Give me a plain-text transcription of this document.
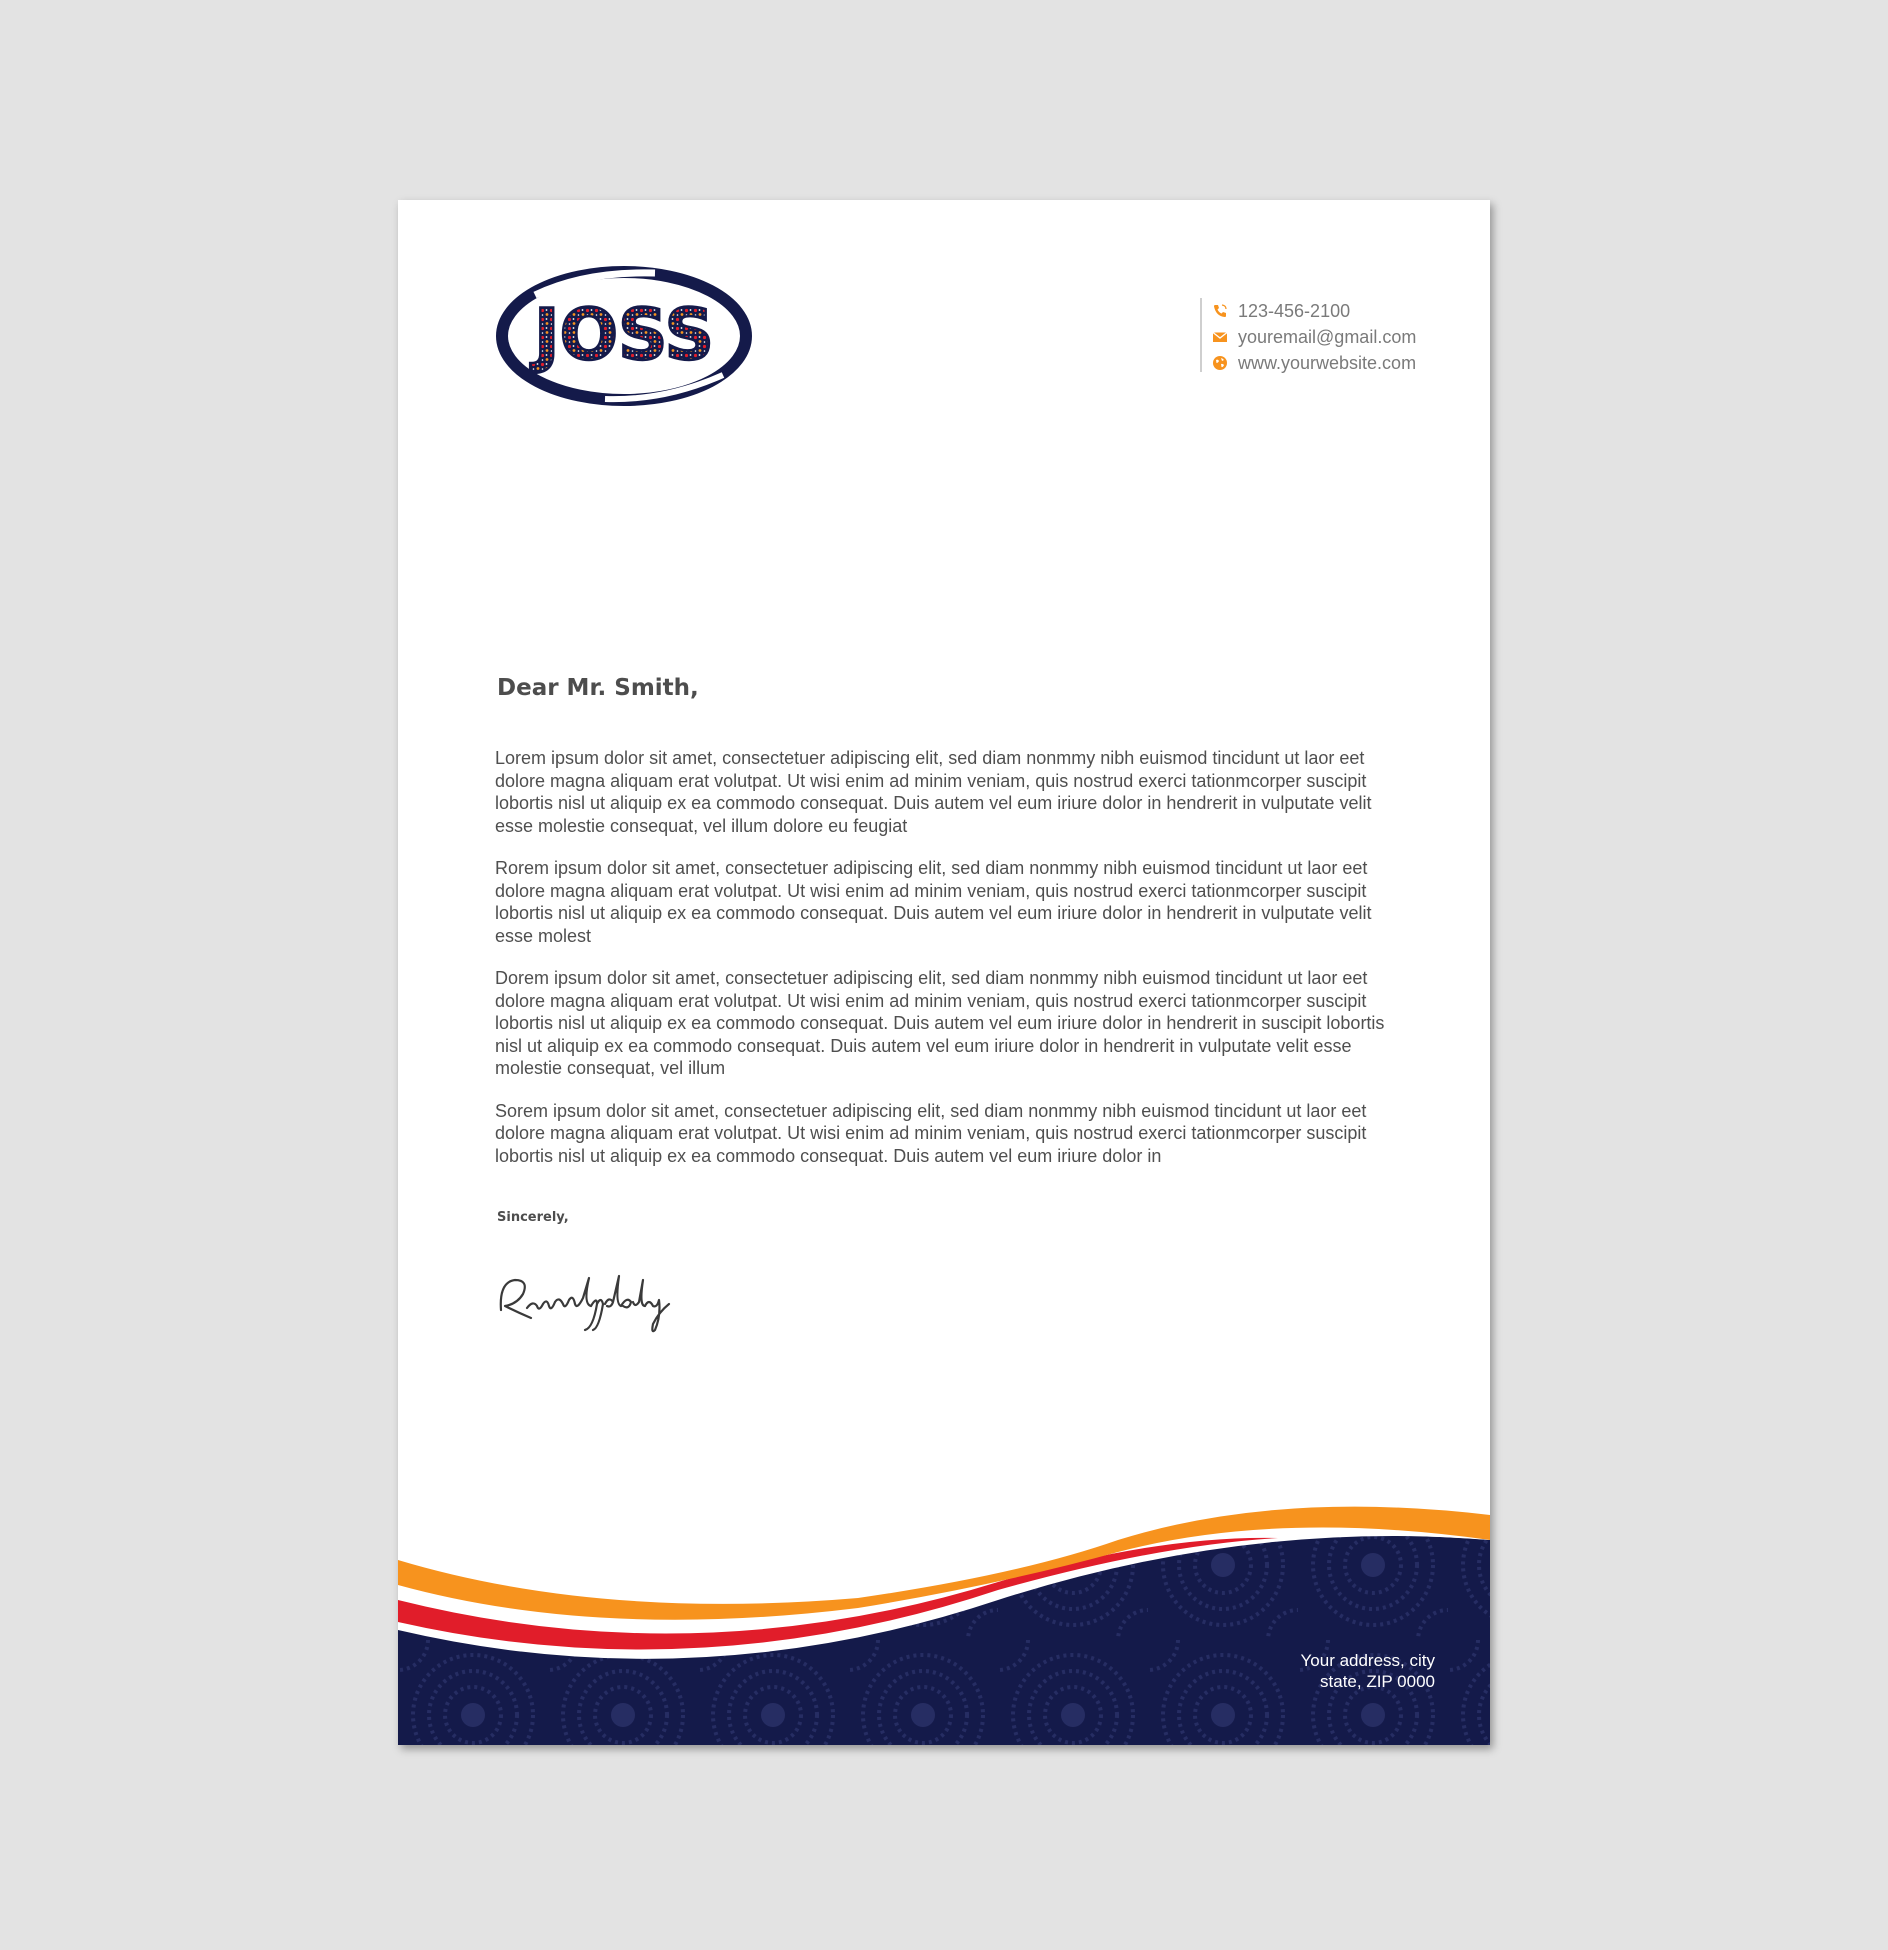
JOSS	123-456-2100
youremail@gmail.com
www.yourwebsite.com
Dear Mr. Smith,

Lorem ipsum dolor sit amet, consectetuer adipiscing elit, sed diam nonmmy nibh euismod tincidunt ut laor eet dolore magna aliquam erat volutpat. Ut wisi enim ad minim veniam, quis nostrud exerci tationmcorper suscipit lobortis nisl ut aliquip ex ea commodo consequat. Duis autem vel eum iriure dolor in hendrerit in vulputate velit esse molestie consequat, vel illum dolore eu feugiat

Rorem ipsum dolor sit amet, consectetuer adipiscing elit, sed diam nonmmy nibh euismod tincidunt ut laor eet dolore magna aliquam erat volutpat. Ut wisi enim ad minim veniam, quis nostrud exerci tationmcorper suscipit lobortis nisl ut aliquip ex ea commodo consequat. Duis autem vel eum iriure dolor in hendrerit in vulputate velit esse molest

Dorem ipsum dolor sit amet, consectetuer adipiscing elit, sed diam nonmmy nibh euismod tincidunt ut laor eet dolore magna aliquam erat volutpat. Ut wisi enim ad minim veniam, quis nostrud exerci tationmcorper suscipit lobortis nisl ut aliquip ex ea commodo consequat. Duis autem vel eum iriure dolor in hendrerit in suscipit lobortis nisl ut aliquip ex ea commodo consequat. Duis autem vel eum iriure dolor in hendrerit in vulputate velit esse molestie consequat, vel illum

Sorem ipsum dolor sit amet, consectetuer adipiscing elit, sed diam nonmmy nibh euismod tincidunt ut laor eet dolore magna aliquam erat volutpat. Ut wisi enim ad minim veniam, quis nostrud exerci tationmcorper suscipit lobortis nisl ut aliquip ex ea commodo consequat. Duis autem vel eum iriure dolor in

Sincerely,
Your address, city
state, ZIP 0000
